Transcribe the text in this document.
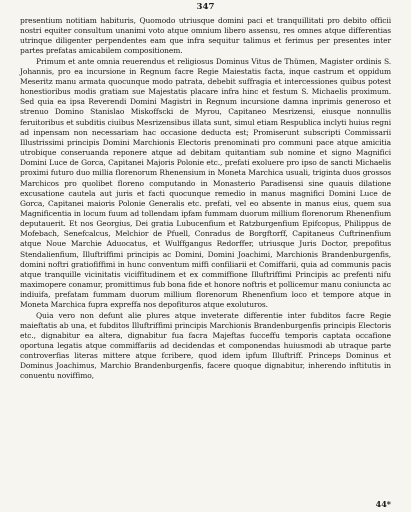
347

presentium notitiam habituris, Quomodo utriusque domini paci et tranquillitati pro debito officii nostri equiter consultum unanimi voto atque omnium libero assensu, res omnes atque differentias utrinque diligenter perpendentes eam que infra sequitur talimus et ferimus per presentes inter partes prefatas amicabilem compositionem.

Primum et ante omnia reuerendus et religiosus Dominus Vitus de Thümen, Magister ordinis S. Johannis, pro ea incursione in Regnum facre Regie Maiestatis facta, inque castrum et oppidum Meseritz manu armata quocunque modo patrata, debebit suffragia et intercessiones quibus potest honestioribus modis gratiam sue Majestatis placare infra hinc et festum S. Michaelis proximum. Sed quia ea ipsa Reverendi Domini Magistri in Regnum incursione damna inprimis generoso et strenuo Domino Stanislao Miskoffscki de Myrou, Capitaneo Mesrizensi, eiusque nonnullis feruitoribus et subditis ciuibus Mesrizensibus illata sunt, simul etiam Respublica inclyti huius regni ad inpensam non necessariam hac occasione deducta est; Promiserunt subscripti Commissarii Illustrissimi principis Domini Marchionis Electoris prenominati pro communi pace atque amicitia utrobique conseruanda reponere atque ad debitam quitantiam sub nomine et signo Magnifici Domini Luce de Gorca, Capitanei Majoris Polonie etc., prefati exoluere pro ipso de sancti Michaelis proximi futuro duo millia florenorum Rhenensium in Moneta Marchica usuali, triginta duos grossos Marchicos pro quolibet floreno computando in Monasterio Paradisensi sine quauis dilatione excusatione cautela aut juris et facti quocunque remedio in manus magnifici Domini Luce de Gorca, Capitanei maioris Polonie Generalis etc. prefati, vel eo absente in manus eius, quem sua Magnificentia in locum fuum ad tollendam ipfam fummam duorum millium florenorum Rhenenfium deputauerit. Et nos Georgius, Dei gratia Lubucenfium et Ratzburgenfium Epifcopus, Philippus de Mofebach, Senefcalcus, Melchior de Pfuell, Conradus de Borgftorff, Capitaneus Cuftrinenfium atque Noue Marchie Aduocatus, et Wulffgangus Redorffer, utriusque Juris Doctor, prepofitus Stendalienfium, Illuftriffimi principis ac Domini, Domini Joachimi, Marchionis Brandenburgenfis, domini noftri gratiofiffimi in hunc conventum miffi confiliarii et Comiffarii, quia ad communis pacis atque tranquille vicinitatis viciffitudinem et ex commiffione Illuftriffimi Principis ac prefenti nifu maximopere conamur, promittimus fub bona fide et honore noftris et pollicemur manu coniuncta ac indiuifa, prefatam fummam duorum millium florenorum Rhenenfium loco et tempore atque in Moneta Marchica fupra expreffa nos depofituros atque exoluturos.

Quia vero non defunt alie plures atque inveterate differentie inter fubditos facre Regie maieftatis ab una, et fubditos Illuftriffimi principis Marchionis Brandenburgenfis principis Electoris etc., dignabitur ea altera, dignabitur fua facra Majeftas fucceffu temporis captata occafione oportuna legatis atque commiffariis ad decidendas et componendas huiusmodi ab utraque parte controverfias literas mittere atque fcribere, quod idem ipfum Illuftriff. Princeps Dominus et Dominus Joachimus, Marchio Brandenburgenfis, facere quoque dignabitur, inherendo inftitutis in conuentu noviffimo,

44*
